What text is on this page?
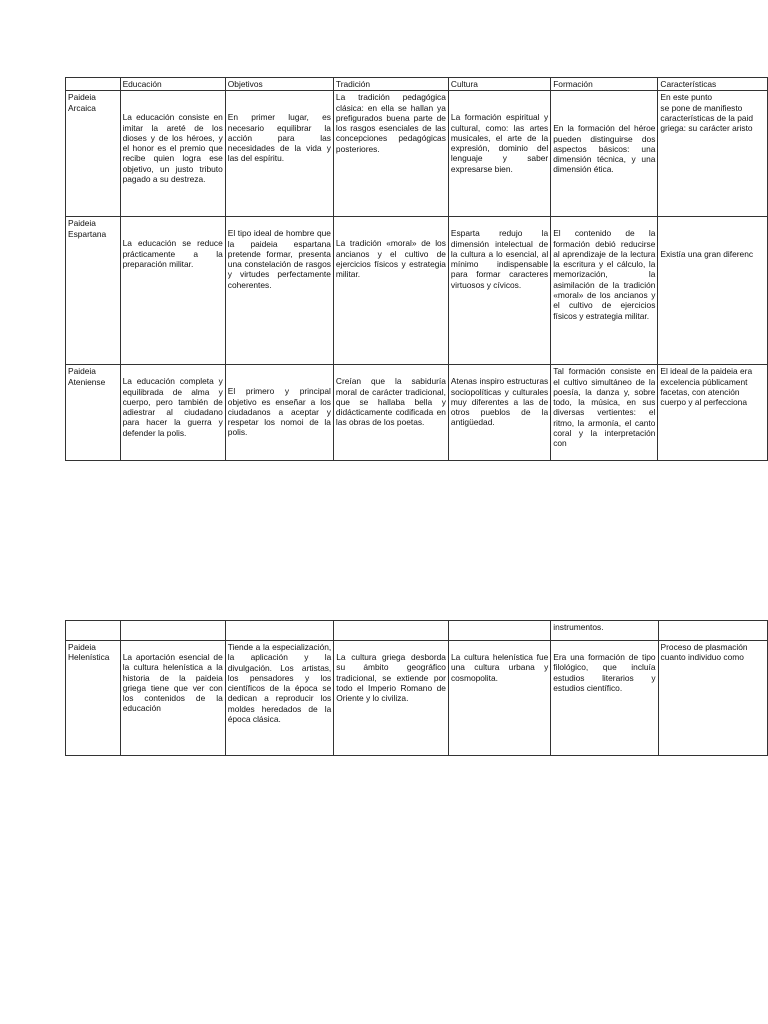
	Educación	Objetivos	Tradición	Cultura	Formación	Características
Paideia Arcaica	La educación consiste en imitar la areté de los dioses y de los héroes, y el honor es el premio que recibe quien logra ese objetivo, un justo tributo pagado a su destreza.	En primer lugar, es necesario equilibrar la acción para las necesidades de la vida y las del espíritu.	La tradición pedagógica clásica: en ella se hallan ya prefigurados buena parte de los rasgos esenciales de las concepciones pedagógicas posteriores.	La formación espiritual y cultural, como: las artes musicales, el arte de la expresión, dominio del lenguaje y saber expresarse bien.	En la formación del héroe pueden distinguirse dos aspectos básicos: una dimensión técnica, y una dimensión ética.	En este punto
se pone de manifiesto
características de la paid
griega: su carácter aristo

Paideia Espartana	La educación se reduce prácticamente a la preparación militar.	El tipo ideal de hombre que la paideia espartana pretende formar, presenta una constelación de rasgos y virtudes perfectamente coherentes.	La tradición «moral» de los ancianos y el cultivo de ejercicios físicos y estrategia militar.	Esparta redujo la dimensión intelectual de la cultura a lo esencial, al mínimo indispensable para formar caracteres virtuosos y cívicos.	El contenido de la formación debió reducirse al aprendizaje de la lectura la escritura y el cálculo, la memorización, la asimilación de la tradición «moral» de los ancianos y el cultivo de ejercicios físicos y estrategia militar.	Existía una gran diferenc

Paideia Ateniense	La educación completa y equilibrada de alma y cuerpo, pero también de adiestrar al ciudadano para hacer la guerra y defender la polis.	El primero y principal objetivo es enseñar a los ciudadanos a aceptar y respetar los nomoi de la polis.	Creían que la sabiduría moral de carácter tradicional, que se hallaba bella y didácticamente codificada en las obras de los poetas.	Atenas inspiro estructuras sociopolíticas y culturales muy diferentes a las de otros pueblos de la antigüedad.	Tal formación consiste en el cultivo simultáneo de la poesía, la danza y, sobre todo, la música, en sus diversas vertientes: el ritmo, la armonía, el canto coral y la interpretación con	El ideal de la paideia era
excelencia públicament
facetas, con atención
cuerpo y al perfecciona
					instrumentos.	
Paideia Helenística	La aportación esencial de la cultura helenística a la historia de la paideia griega tiene que ver con los contenidos de la educación	Tiende a la especialización, la aplicación y la divulgación. Los artistas, los pensadores y los científicos de la época se dedican a reproducir los moldes heredados de la época clásica.	La cultura griega desborda su ámbito geográfico tradicional, se extiende por todo el Imperio Romano de Oriente y lo civiliza.	La cultura helenística fue una cultura urbana y cosmopolita.	Era una formación de tipo filológico, que incluía estudios literarios y estudios científico.	Proceso de plasmación
cuanto individuo como
